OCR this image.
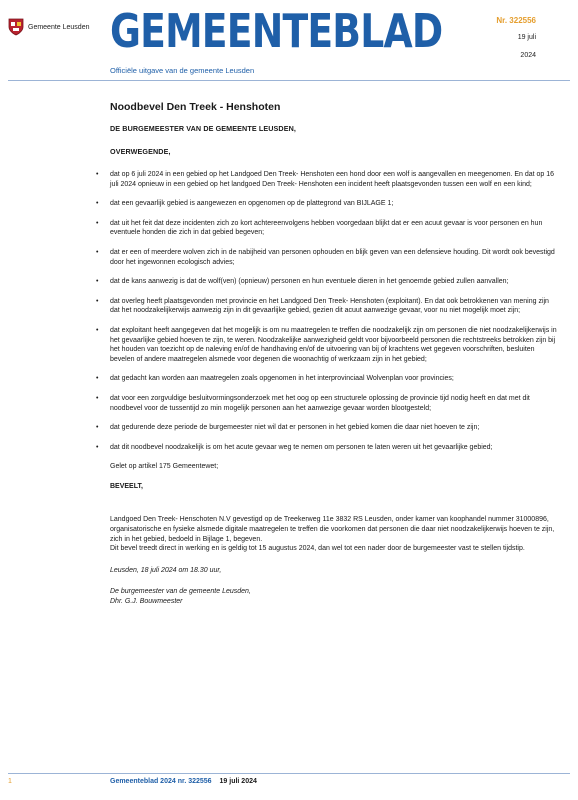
Gemeente Leusden GEMEENTEBLAD
Officiële uitgave van de gemeente Leusden
Nr. 322556
19 juli
2024
Noodbevel Den Treek - Henshoten
DE BURGEMEESTER VAN DE GEMEENTE LEUSDEN,
OVERWEGENDE,
• dat op 6 juli 2024 in een gebied op het Landgoed Den Treek- Henshoten een hond door een wolf is aangevallen en meegenomen. En dat op 16 juli 2024 opnieuw in een gebied op het landgoed Den Treek- Henshoten een incident heeft plaatsgevonden tussen een wolf en een kind;
• dat een gevaarlijk gebied is aangewezen en opgenomen op de plattegrond van BIJLAGE 1;
• dat uit het feit dat deze incidenten zich zo kort achtereenvolgens hebben voorgedaan blijkt dat er een acuut gevaar is voor personen en hun eventuele honden die zich in dat gebied begeven;
• dat er een of meerdere wolven zich in de nabijheid van personen ophouden en blijk geven van een defensieve houding. Dit wordt ook bevestigd door het ingewonnen ecologisch advies;
• dat de kans aanwezig is dat de wolf(ven) (opnieuw) personen en hun eventuele dieren in het genoemde gebied zullen aanvallen;
• dat overleg heeft plaatsgevonden met provincie en het Landgoed Den Treek- Henshoten (exploitant). En dat ook betrokkenen van mening zijn dat het noodzakelijkerwijs aanwezig zijn in dit gevaarlijke gebied, gezien dit acuut aanwezige gevaar, voor nu niet mogelijk moet zijn;
• dat exploitant heeft aangegeven dat het mogelijk is om nu maatregelen te treffen die noodzakelijk zijn om personen die niet noodzakelijkerwijs in het gevaarlijke gebied hoeven te zijn, te weren. Noodzakelijke aanwezigheid geldt voor bijvoorbeeld personen die rechtstreeks betrokken zijn bij het houden van toezicht op de naleving en/of de handhaving en/of de uitvoering van bij of krachtens wet gegeven voorschriften, besluiten bevelen of andere maatregelen alsmede voor degenen die woonachtig of werkzaam zijn in het gebied;
• dat gedacht kan worden aan maatregelen zoals opgenomen in het interprovinciaal Wolvenplan voor provincies;
• dat voor een zorgvuldige besluitvormingsonderzoek met het oog op een structurele oplossing de provincie tijd nodig heeft en dat met dit noodbevel voor de tussentijd zo min mogelijk personen aan het aanwezige gevaar worden blootgesteld;
• dat gedurende deze periode de burgemeester niet wil dat er personen in het gebied komen die daar niet hoeven te zijn;
• dat dit noodbevel noodzakelijk is om het acute gevaar weg te nemen om personen te laten weren uit het gevaarlijke gebied;

Gelet op artikel 175 Gemeentewet;

BEVEELT,

Landgoed Den Treek- Henschoten N.V gevestigd op de Treekerweg 11e 3832 RS Leusden, onder kamer van koophandel nummer 31000896, organisatorische en fysieke alsmede digitale maatregelen te treffen die voorkomen dat personen die daar niet noodzakelijkerwijs hoeven te zijn, zich in het gebied, bedoeld in Bijlage 1, begeven.

Dit bevel treedt direct in werking en is geldig tot 15 augustus 2024, dan wel tot een nader door de burgemeester vast te stellen tijdstip.

Leusden, 18 juli 2024 om 18.30 uur,

De burgemeester van de gemeente Leusden,

Dhr. G.J. Bouwmeester

1	Gemeenteblad 2024 nr. 322556 19 juli 2024
